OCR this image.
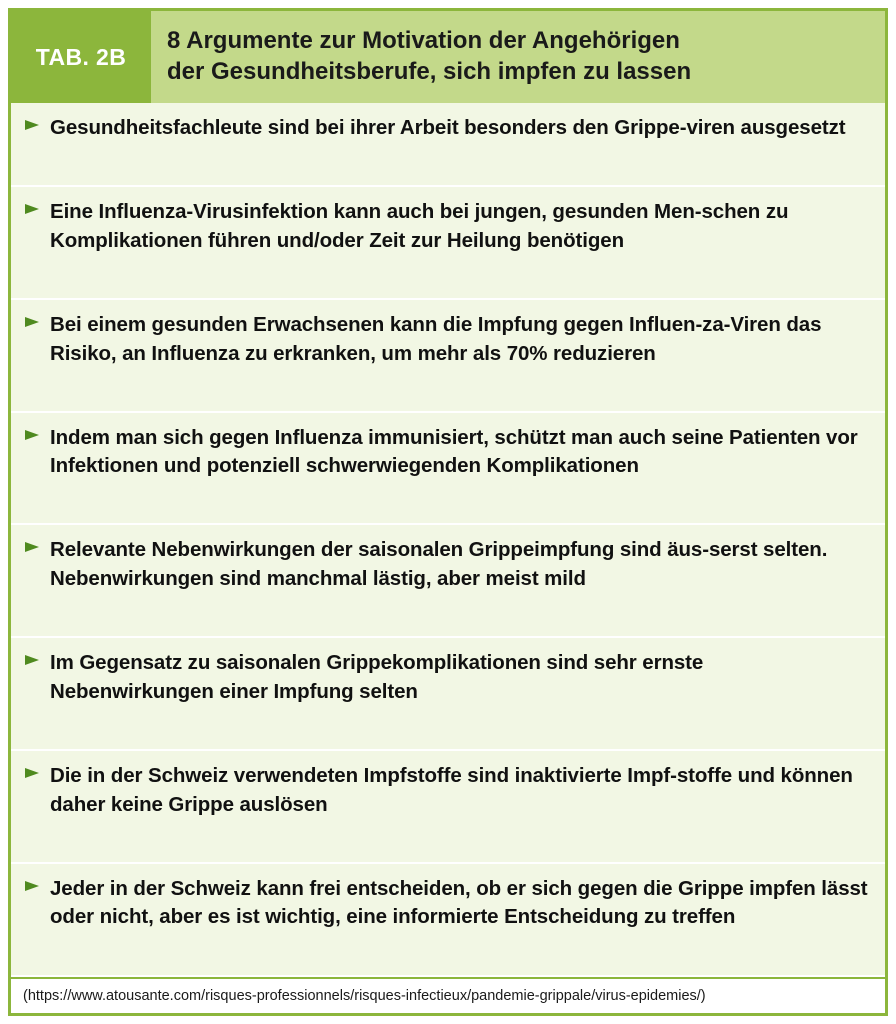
TAB. 2B
8 Argumente zur Motivation der Angehörigen
der Gesundheitsberufe, sich impfen zu lassen
Gesundheitsfachleute sind bei ihrer Arbeit besonders den Grippe-viren ausgesetzt
Eine Influenza-Virusinfektion kann auch bei jungen, gesunden Men-schen zu Komplikationen führen und/oder Zeit zur Heilung benötigen
Bei einem gesunden Erwachsenen kann die Impfung gegen Influen-za-Viren das Risiko, an Influenza zu erkranken, um mehr als 70% reduzieren
Indem man sich gegen Influenza immunisiert, schützt man auch seine Patienten vor Infektionen und potenziell schwerwiegenden Komplikationen
Relevante Nebenwirkungen der saisonalen Grippeimpfung sind äus-serst selten. Nebenwirkungen sind manchmal lästig, aber meist mild
Im Gegensatz zu saisonalen Grippekomplikationen sind sehr ernste Nebenwirkungen einer Impfung selten
Die in der Schweiz verwendeten Impfstoffe sind inaktivierte Impf-stoffe und können daher keine Grippe auslösen
Jeder in der Schweiz kann frei entscheiden, ob er sich gegen die Grippe impfen lässt oder nicht, aber es ist wichtig, eine informierte Entscheidung zu treffen
(https://www.atousante.com/risques-professionnels/risques-infectieux/pandemie-grippale/virus-epidemies/)
